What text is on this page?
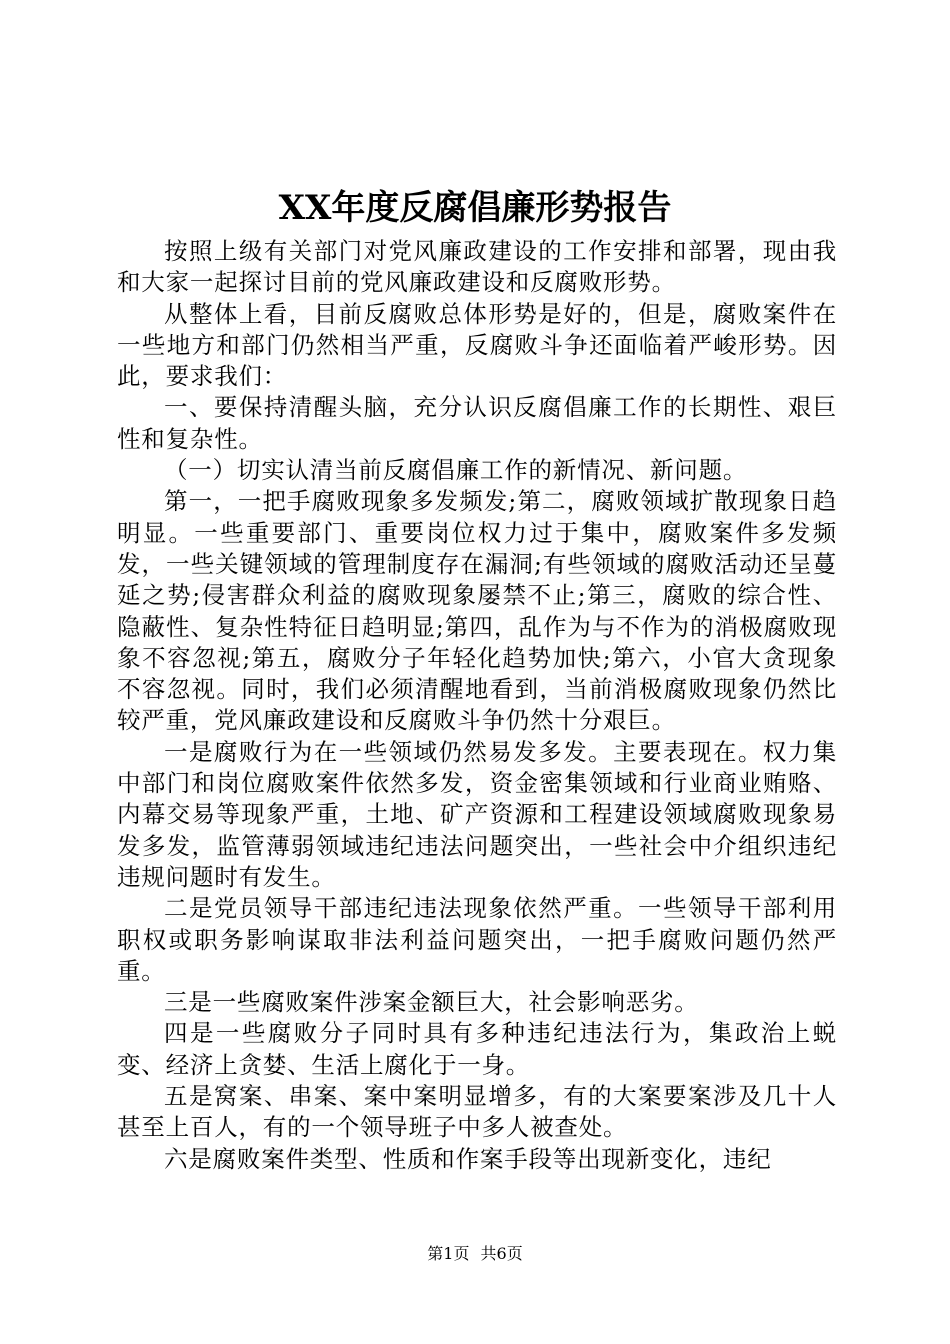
XX年度反腐倡廉形势报告

按照上级有关部门对党风廉政建设的工作安排和部署，现由我和大家一起探讨目前的党风廉政建设和反腐败形势。

从整体上看，目前反腐败总体形势是好的，但是，腐败案件在一些地方和部门仍然相当严重，反腐败斗争还面临着严峻形势。因此，要求我们：

一、要保持清醒头脑，充分认识反腐倡廉工作的长期性、艰巨性和复杂性。

（一）切实认清当前反腐倡廉工作的新情况、新问题。

第一，一把手腐败现象多发频发;第二，腐败领域扩散现象日趋明显。一些重要部门、重要岗位权力过于集中，腐败案件多发频发，一些关键领域的管理制度存在漏洞;有些领域的腐败活动还呈蔓延之势;侵害群众利益的腐败现象屡禁不止;第三，腐败的综合性、隐蔽性、复杂性特征日趋明显;第四，乱作为与不作为的消极腐败现象不容忽视;第五，腐败分子年轻化趋势加快;第六，小官大贪现象不容忽视。同时，我们必须清醒地看到，当前消极腐败现象仍然比较严重，党风廉政建设和反腐败斗争仍然十分艰巨。

一是腐败行为在一些领域仍然易发多发。主要表现在。权力集中部门和岗位腐败案件依然多发，资金密集领域和行业商业贿赂、内幕交易等现象严重，土地、矿产资源和工程建设领域腐败现象易发多发，监管薄弱领域违纪违法问题突出，一些社会中介组织违纪违规问题时有发生。

二是党员领导干部违纪违法现象依然严重。一些领导干部利用职权或职务影响谋取非法利益问题突出，一把手腐败问题仍然严重。

三是一些腐败案件涉案金额巨大，社会影响恶劣。

四是一些腐败分子同时具有多种违纪违法行为，集政治上蜕变、经济上贪婪、生活上腐化于一身。

五是窝案、串案、案中案明显增多，有的大案要案涉及几十人甚至上百人，有的一个领导班子中多人被查处。

六是腐败案件类型、性质和作案手段等出现新变化，违纪

第1页 共6页
